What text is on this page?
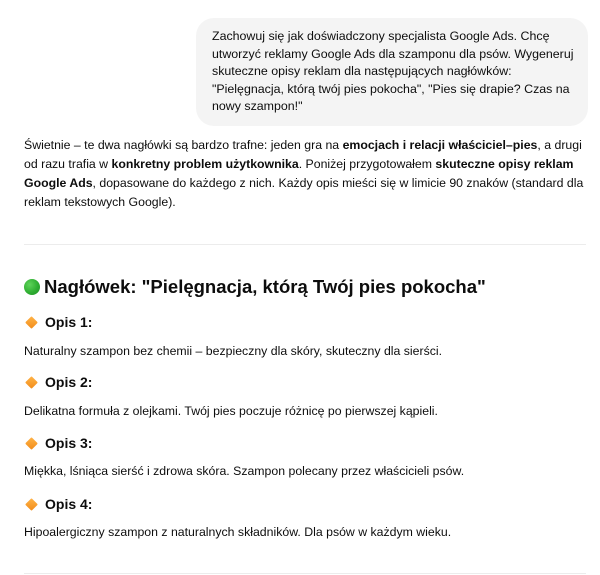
Zachowuj się jak doświadczony specjalista Google Ads. Chcę utworzyć reklamy Google Ads dla szamponu dla psów. Wygeneruj skuteczne opisy reklam dla następujących nagłówków: "Pielęgnacja, którą twój pies pokocha", "Pies się drapie? Czas na nowy szampon!"
Świetnie – te dwa nagłówki są bardzo trafne: jeden gra na emocjach i relacji właściciel–pies, a drugi od razu trafia w konkretny problem użytkownika. Poniżej przygotowałem skuteczne opisy reklam Google Ads, dopasowane do każdego z nich. Każdy opis mieści się w limicie 90 znaków (standard dla reklam tekstowych Google).
Nagłówek: "Pielęgnacja, którą Twój pies pokocha"
Opis 1:
Naturalny szampon bez chemii – bezpieczny dla skóry, skuteczny dla sierści.
Opis 2:
Delikatna formuła z olejkami. Twój pies poczuje różnicę po pierwszej kąpieli.
Opis 3:
Miękka, lśniąca sierść i zdrowa skóra. Szampon polecany przez właścicieli psów.
Opis 4:
Hipoalergiczny szampon z naturalnych składników. Dla psów w każdym wieku.
